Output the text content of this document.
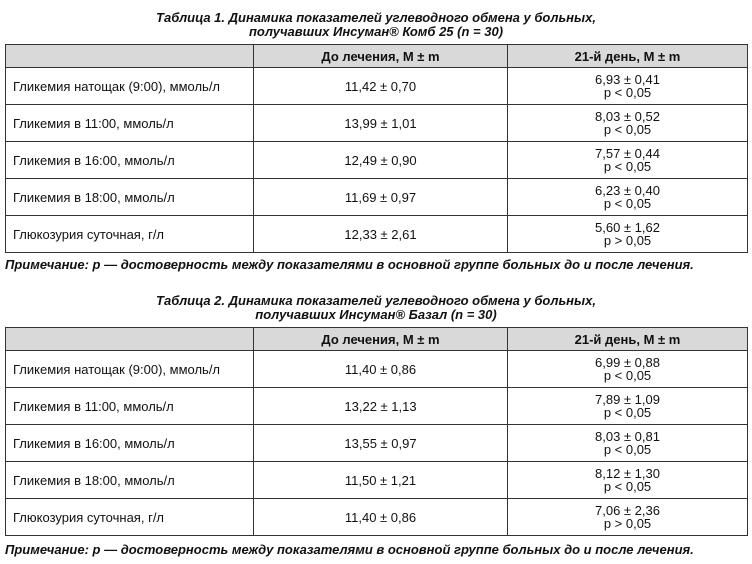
Таблица 1. Динамика показателей углеводного обмена у больных,
получавших Инсуман® Комб 25 (n = 30)
	До лечения, M ± m	21-й день, M ± m
Гликемия натощак (9:00), ммоль/л	11,42 ± 0,70	6,93 ± 0,41
p < 0,05

Гликемия в 11:00, ммоль/л	13,99 ± 1,01	8,03 ± 0,52
p < 0,05

Гликемия в 16:00, ммоль/л	12,49 ± 0,90	7,57 ± 0,44
p < 0,05

Гликемия в 18:00, ммоль/л	11,69 ± 0,97	6,23 ± 0,40
p < 0,05

Глюкозурия суточная, г/л	12,33 ± 2,61	5,60 ± 1,62
p > 0,05
Примечание: p — достоверность между показателями в основной группе больных до и после лечения.
Таблица 2. Динамика показателей углеводного обмена у больных,
получавших Инсуман® Базал (n = 30)
	До лечения, M ± m	21-й день, M ± m
Гликемия натощак (9:00), ммоль/л	11,40 ± 0,86	6,99 ± 0,88
p < 0,05

Гликемия в 11:00, ммоль/л	13,22 ± 1,13	7,89 ± 1,09
p < 0,05

Гликемия в 16:00, ммоль/л	13,55 ± 0,97	8,03 ± 0,81
p < 0,05

Гликемия в 18:00, ммоль/л	11,50 ± 1,21	8,12 ± 1,30
p < 0,05

Глюкозурия суточная, г/л	11,40 ± 0,86	7,06 ± 2,36
p > 0,05
Примечание: p — достоверность между показателями в основной группе больных до и после лечения.
